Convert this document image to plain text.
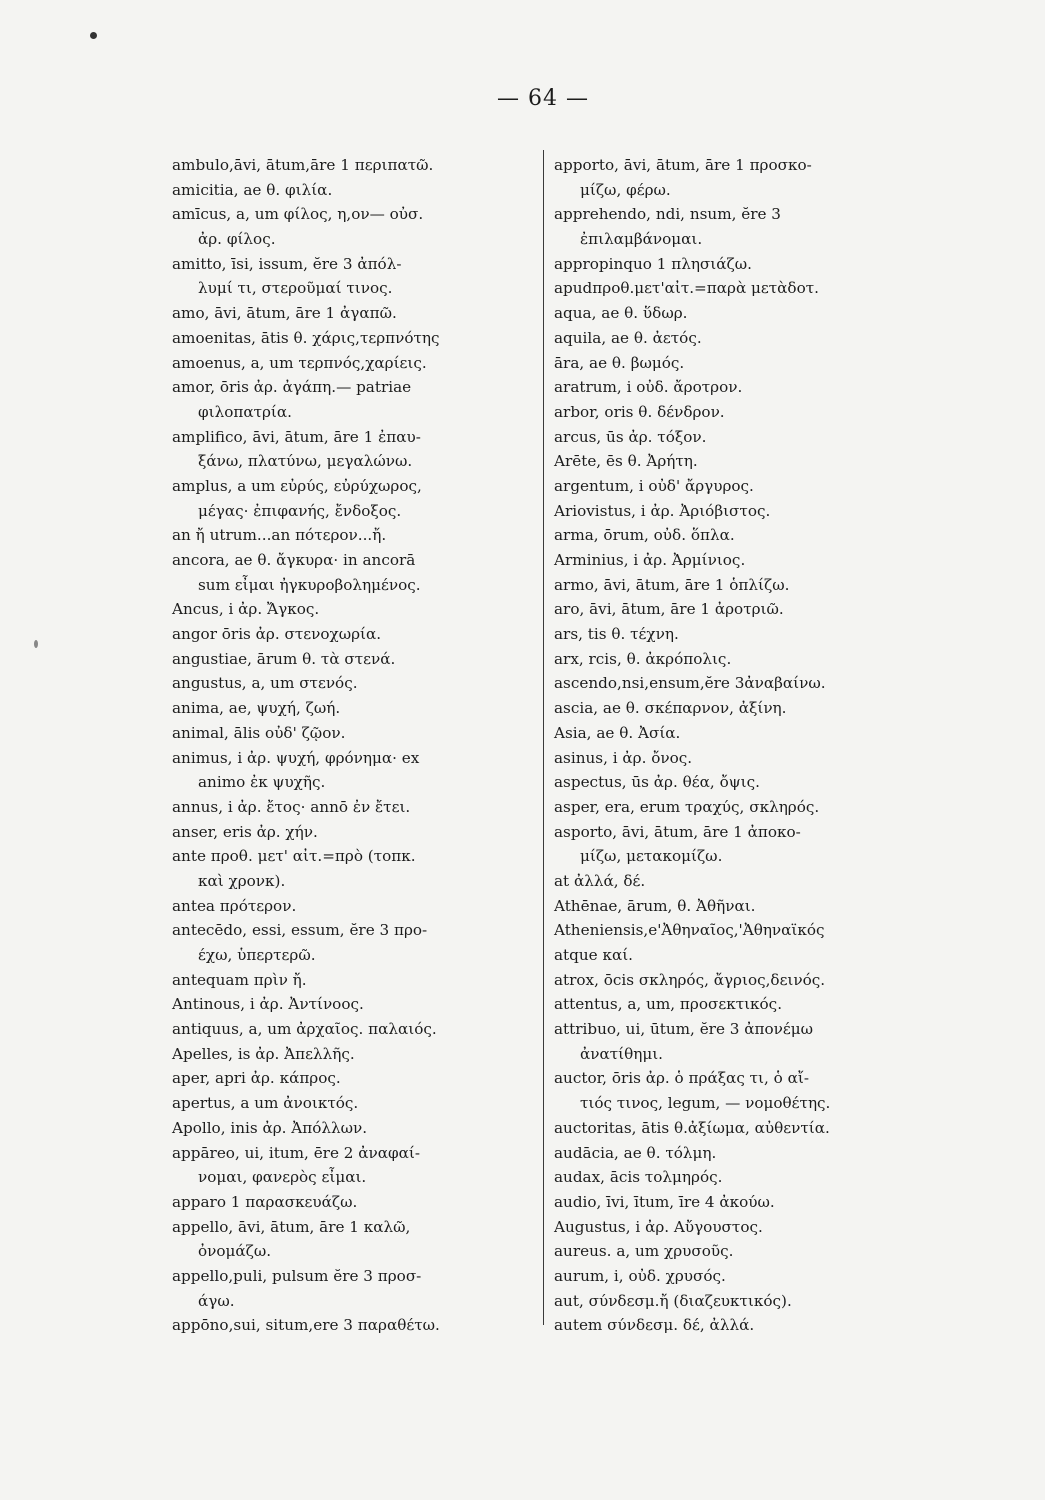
— 64 —
ambulo,āvi, ātum,āre 1 περιπατῶ.
amicitia, ae θ. φιλία.
amīcus, a, um φίλος, η,ον— οὐσ.
ἀρ. φίλος.
amitto, īsi, issum, ĕre 3 ἀπόλ-
λυμί τι, στεροῦμαί τινος.
amo, āvi, ātum, āre 1 ἀγαπῶ.
amoenitas, ātis θ. χάρις,τερπνότης
amoenus, a, um τερπνός,χαρίεις.
amor, ōris ἀρ. ἀγάπη.— patriae
φιλοπατρία.
amplifico, āvi, ātum, āre 1 ἐπαυ-
ξάνω, πλατύνω, μεγαλώνω.
amplus, a um εὐρύς, εὐρύχωρος,
μέγας· ἐπιφανής, ἔνδοξος.
an ἤ utrum...an πότερον...ἤ.
ancora, ae θ. ἄγκυρα· in ancorā
sum εἶμαι ἠγκυροβολημένος.
Ancus, i ἀρ. Ἄγκος.
angor ōris ἀρ. στενοχωρία.
angustiae, ārum θ. τὰ στενά.
angustus, a, um στενός.
anima, ae, ψυχή, ζωή.
animal, ālis οὐδ' ζῷον.
animus, i ἀρ. ψυχή, φρόνημα· ex
animo ἐκ ψυχῆς.
annus, i ἀρ. ἔτος· annō ἐν ἔτει.
anser, eris ἀρ. χήν.
ante προθ. μετ' αἰτ.=πρὸ (τοπκ.
καὶ χρονκ).
antea πρότερον.
antecēdo, essi, essum, ĕre 3 προ-
έχω, ὑπερτερῶ.
antequam πρὶν ἤ.
Antinous, i ἀρ. Ἀντίνοος.
antiquus, a, um ἀρχαῖος. παλαιός.
Apelles, is ἀρ. Ἀπελλῆς.
aper, apri ἀρ. κάπρος.
apertus, a um ἀνοικτός.
Apollo, inis ἀρ. Ἀπόλλων.
appāreo, ui, itum, ēre 2 ἀναφαί-
νομαι, φανερὸς εἶμαι.
apparo 1 παρασκευάζω.
appello, āvi, ātum, āre 1 καλῶ,
ὀνομάζω.
appello,puli, pulsum ĕre 3 προσ-
άγω.
appōno,sui, situm,ere 3 παραθέτω.
apporto, āvi, ātum, āre 1 προσκο-
μίζω, φέρω.
apprehendo, ndi, nsum, ĕre 3
ἐπιλαμβάνομαι.
appropinquo 1 πλησιάζω.
apudπροθ.μετ'αἰτ.=παρὰ μετὰδοτ.
aqua, ae θ. ὕδωρ.
aquila, ae θ. ἀετός.
āra, ae θ. βωμός.
aratrum, i οὐδ. ἄροτρον.
arbor, oris θ. δένδρον.
arcus, ūs ἀρ. τόξον.
Arēte, ēs θ. Ἀρήτη.
argentum, i οὐδ' ἄργυρος.
Ariovistus, i ἀρ. Ἀριόβιστος.
arma, ōrum, οὐδ. ὅπλα.
Arminius, i ἀρ. Ἀρμίνιος.
armo, āvi, ātum, āre 1 ὁπλίζω.
aro, āvi, ātum, āre 1 ἀροτριῶ.
ars, tis θ. τέχνη.
arx, rcis, θ. ἀκρόπολις.
ascendo,nsi,ensum,ĕre 3ἀναβαίνω.
ascia, ae θ. σκέπαρνον, ἀξίνη.
Asia, ae θ. Ἀσία.
asinus, i ἀρ. ὄνος.
aspectus, ūs ἀρ. θέα, ὄψις.
asper, era, erum τραχύς, σκληρός.
asporto, āvi, ātum, āre 1 ἀποκο-
μίζω, μετακομίζω.
at ἀλλά, δέ.
Athēnae, ārum, θ. Ἀθῆναι.
Atheniensis,e'Ἀθηναῖος,'Ἀθηναϊκός
atque καί.
atrox, ōcis σκληρός, ἄγριος,δεινός.
attentus, a, um, προσεκτικός.
attribuo, ui, ūtum, ĕre 3 ἀπονέμω
ἀνατίθημι.
auctor, ōris ἀρ. ὁ πράξας τι, ὁ αἴ-
τιός τινος, legum, — νομοθέτης.
auctoritas, ātis θ.ἀξίωμα, αὐθεντία.
audācia, ae θ. τόλμη.
audax, ācis τολμηρός.
audio, īvi, ītum, īre 4 ἀκούω.
Augustus, i ἀρ. Αὔγουστος.
aureus. a, um χρυσοῦς.
aurum, i, οὐδ. χρυσός.
aut, σύνδεσμ.ἤ (διαζευκτικός).
autem σύνδεσμ. δέ, ἀλλά.
